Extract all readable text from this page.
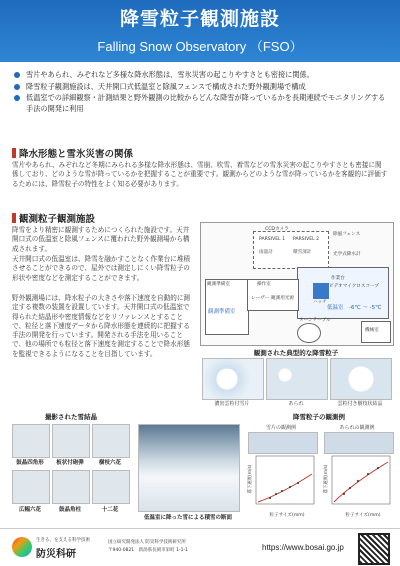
降雪粒子観測施設
Falling Snow Observatory （FSO）
雪片やあられ、みぞれなど多様な降水形態は、雪氷災害の起こりやすさとも密接に関係。
降雪粒子観測施設は、天井開口式低温室と除風フェンスで構成された野外観測場で構成
低温室での詳細観察・計測結果と野外観測の比較からどんな降雪が降っているかを長期連続でモニタリングする手法の開発に利用
降水形態と雪氷災害の関係
雪片やあられ、みぞれなど冬期にみられる多様な降水形態は、雪崩、吹雪、着雪などの雪氷災害の起こりやすさとも密接に関係しており、どのような雪が降っているかを把握することが重要です。観測からどのような雪が降っているかを客観的に評価するためには、降雪粒子の特性をよく知る必要があります。
観測粒子観測施設
降雪をより精密に観測するためにつくられた施設です。天井開口式の低温室と除風フェンスに覆われた野外観測場から構成されます。
天井開口式の低温室は、降雪を融かすことなく作業台に堆積させることができるので、屋外では測定しにくい降雪粒子の形状や密度などを測定することができます。
野外観測場には、降水粒子の大きさや落下速度を自動的に測定する複数の装置を設置しています。天井開口式の低温室で得られた結晶形や密度情報などをリファレンスとすることで、粒径と落下速度データから降水形態を連続的に把握する手法の開発を行っています。開発される手法を用いることで、他の場所でも粒径と落下速度を測定することで降水形態を監視できるようになることを目指しています。
CCDカメラ
除風フェンス
PARSIVEL 1 PARSIVEL 2
雨量計	積雪深計	光学式降水計
作業台
ビデオマイクロスコープ
レーザー 観測用光源
ターンテーブル
ハッチ
観測準備室	操作室
機械室
低温室　-6℃ ～ -5℃
観測準備室
観測された典型的な降雪粒子
濃密雲粒付雪片	あられ	雲粒付き樹枝状結晶
撮影された雪結晶
鼓晶四角形	板状付砲弾	樹枝六花
広幅六花	鼓晶角柱	十二花
低温室に降った雪による積雪の断面
降雪粒子の観測例
雪片の観測例	あられの観測例
粒子サイズ(mm)	粒子サイズ(mm)
落下速度(m/s)	落下速度(m/s)
生きる、を支える科学技術
防災科研
国立研究開発法人 防災科学技術研究所
〒940-0821　新潟県長岡市栄町 1-1-1	https://www.bosai.go.jp
